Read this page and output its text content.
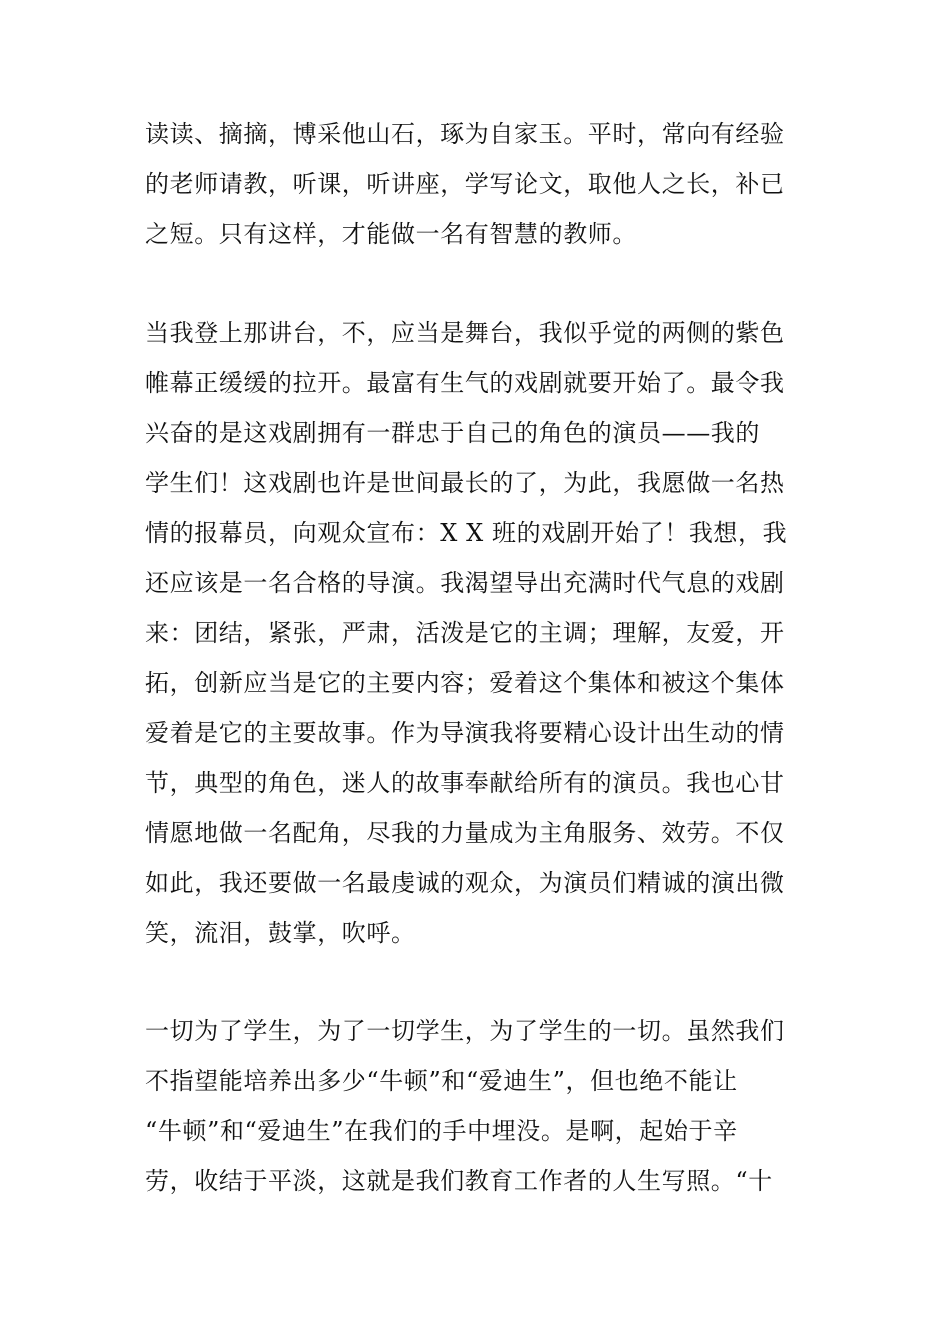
读读、摘摘，博采他山石，琢为自家玉。平时，常向有经验
的老师请教，听课，听讲座，学写论文，取他人之长，补已
之短。只有这样，才能做一名有智慧的教师。
当我登上那讲台，不，应当是舞台，我似乎觉的两侧的紫色
帷幕正缓缓的拉开。最富有生气的戏剧就要开始了。最令我
兴奋的是这戏剧拥有一群忠于自己的角色的演员——我的
学生们！这戏剧也许是世间最长的了，为此，我愿做一名热
情的报幕员，向观众宣布：X X 班的戏剧开始了！我想，我
还应该是一名合格的导演。我渴望导出充满时代气息的戏剧
来：团结，紧张，严肃，活泼是它的主调；理解，友爱，开
拓，创新应当是它的主要内容；爱着这个集体和被这个集体
爱着是它的主要故事。作为导演我将要精心设计出生动的情
节，典型的角色，迷人的故事奉献给所有的演员。我也心甘
情愿地做一名配角，尽我的力量成为主角服务、效劳。不仅
如此，我还要做一名最虔诚的观众，为演员们精诚的演出微
笑，流泪，鼓掌，吹呼。
一切为了学生，为了一切学生，为了学生的一切。虽然我们
不指望能培养出多少“牛顿”和“爱迪生”，但也绝不能让
“牛顿”和“爱迪生”在我们的手中埋没。是啊，起始于辛
劳，收结于平淡，这就是我们教育工作者的人生写照。“十
